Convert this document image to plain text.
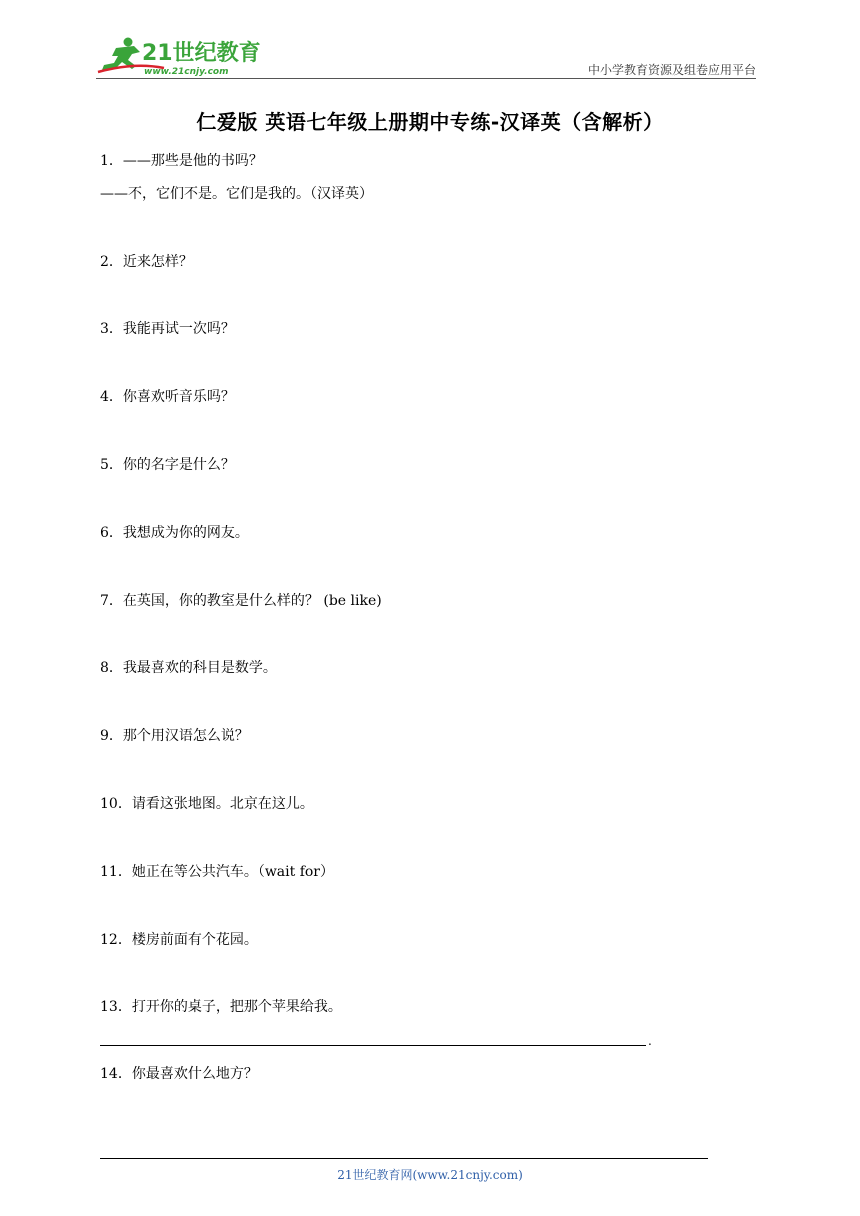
21世纪教育
www.21cnjy.com	中小学教育资源及组卷应用平台
仁爱版 英语七年级上册期中专练-汉译英（含解析）
1．——那些是他的书吗？
——不，它们不是。它们是我的。（汉译英）
2．近来怎样？
3．我能再试一次吗？
4．你喜欢听音乐吗？
5．你的名字是什么？
6．我想成为你的网友。
7．在英国，你的教室是什么样的？ (be like)
8．我最喜欢的科目是数学。
9．那个用汉语怎么说？
10．请看这张地图。北京在这儿。
11．她正在等公共汽车。（wait for）
12．楼房前面有个花园。
13．打开你的桌子，把那个苹果给我。
.
14．你最喜欢什么地方？
21世纪教育网(www.21cnjy.com)
